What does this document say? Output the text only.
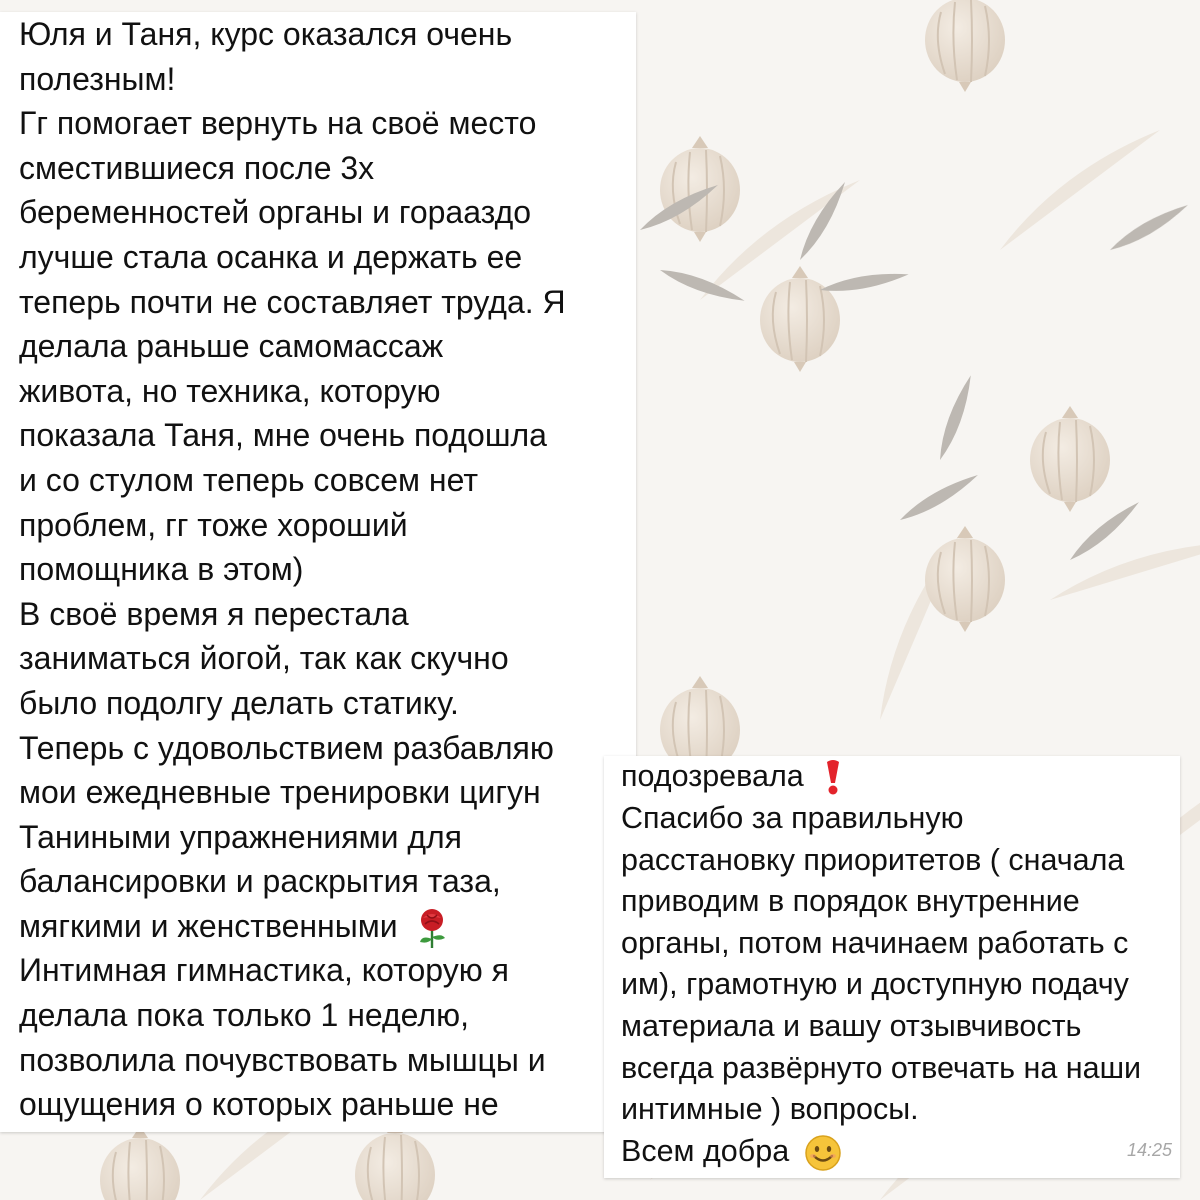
Юля и Таня, курс оказался очень
полезным!
Гг помогает вернуть на своё место
сместившиеся после 3х
беременностей органы и горааздо
лучше стала осанка и держать ее
теперь почти не составляет труда. Я
делала раньше самомассаж
живота, но техника, которую
показала Таня, мне очень подошла
и со стулом теперь совсем нет
проблем, гг тоже хороший
помощника в этом)
В своё время я перестала
заниматься йогой, так как скучно
было подолгу делать статику.
Теперь с удовольствием разбавляю
мои ежедневные тренировки цигун
Таниными упражнениями для
балансировки и раскрытия таза,
мягкими и женственными
Интимная гимнастика, которую я
делала пока только 1 неделю,
позволила почувствовать мышцы и
ощущения о которых раньше не
подозревала
Спасибо за правильную
расстановку приоритетов ( сначала
приводим в порядок внутренние
органы, потом начинаем работать с
им), грамотную и доступную подачу
материала и вашу отзывчивость
всегда развёрнуто отвечать на наши
интимные ) вопросы.
Всем добра	14:25
